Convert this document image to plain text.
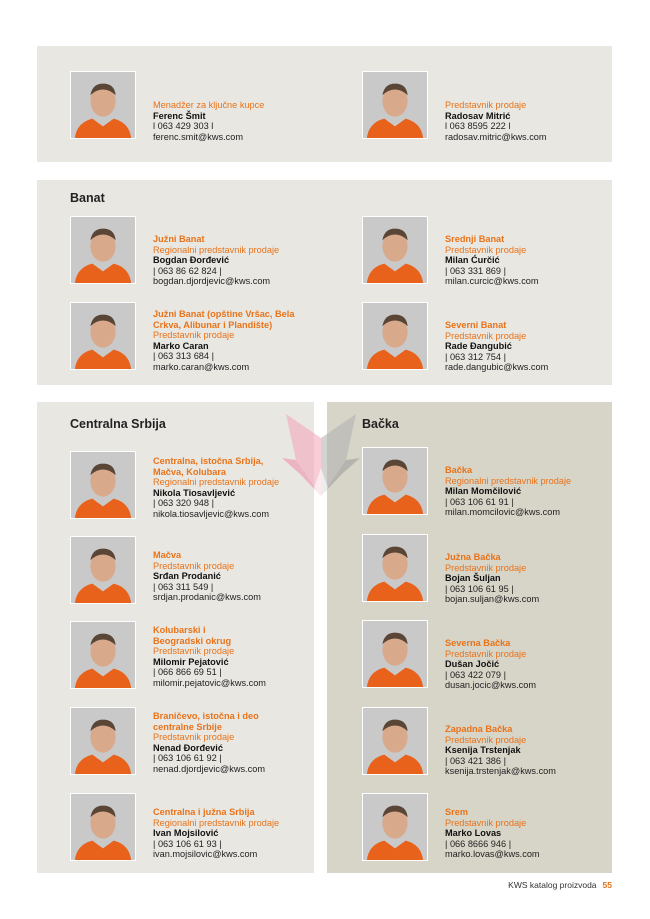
Banat
Centralna Srbija	Bačka
Menadžer za ključne kupce
Ferenc Šmit
l 063 429 303 l
ferenc.smit@kws.com
Predstavnik prodaje
Radosav Mitrić
l 063 8595 222 l
radosav.mitric@kws.com
Južni Banat
Regionalni predstavnik prodaje
Bogdan Đorđević
| 063 86 62 824 |
bogdan.djordjevic@kws.com
Srednji Banat
Predstavnik prodaje
Milan Ćurčić
| 063 331 869 |
milan.curcic@kws.com
Južni Banat (opštine Vršac, Bela Crkva, Alibunar i Plandište)
Predstavnik prodaje
Marko Caran
| 063 313 684 |
marko.caran@kws.com
Severni Banat
Predstavnik prodaje
Rade Đangubić
| 063 312 754 |
rade.dangubic@kws.com
Centralna, istočna Srbija, Mačva, Kolubara
Regionalni predstavnik prodaje
Nikola Tiosavljević
| 063 320 948 |
nikola.tiosavljevic@kws.com
Mačva
Predstavnik prodaje
Srđan Prodanić
| 063 311 549 |
srdjan.prodanic@kws.com
Kolubarski i Beogradski okrug
Predstavnik prodaje
Milomir Pejatović
| 066 866 69 51 |
milomir.pejatovic@kws.com
Braničevo, istočna i deo centralne Srbije
Predstavnik prodaje
Nenad Đorđević
| 063 106 61 92 |
nenad.djordjevic@kws.com
Centralna i južna Srbija
Regionalni predstavnik prodaje
Ivan Mojsilović
| 063 106 61 93 |
ivan.mojsilovic@kws.com
Bačka
Regionalni predstavnik prodaje
Milan Momčilović
| 063 106 61 91 |
milan.momcilovic@kws.com
Južna Bačka
Predstavnik prodaje
Bojan Šuljan
| 063 106 61 95 |
bojan.suljan@kws.com
Severna Bačka
Predstavnik prodaje
Dušan Jočić
| 063 422 079 |
dusan.jocic@kws.com
Zapadna Bačka
Predstavnik prodaje
Ksenija Trstenjak
| 063 421 386 |
ksenija.trstenjak@kws.com
Srem
Predstavnik prodaje
Marko Lovas
| 066 8666 946 |
marko.lovas@kws.com
KWS katalog proizvoda 55
